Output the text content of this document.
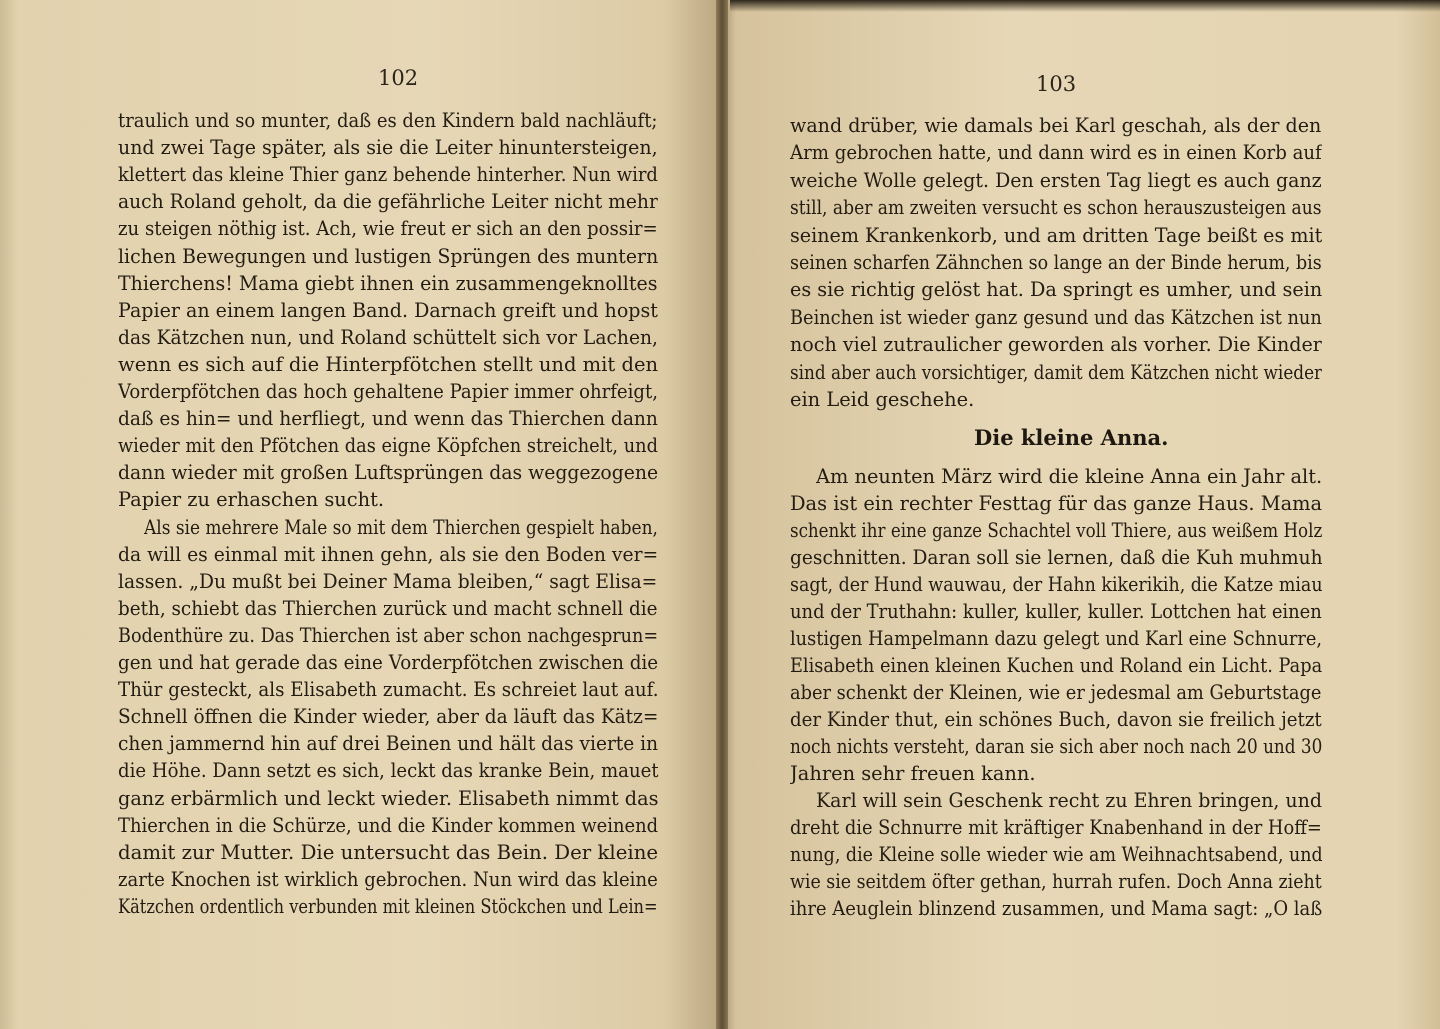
102
traulich und so munter, daß es den Kindern bald nachläuft;
und zwei Tage später, als sie die Leiter hinuntersteigen,
klettert das kleine Thier ganz behende hinterher. Nun wird
auch Roland geholt, da die gefährliche Leiter nicht mehr
zu steigen nöthig ist. Ach, wie freut er sich an den possir=
lichen Bewegungen und lustigen Sprüngen des muntern
Thierchens! Mama giebt ihnen ein zusammengeknolltes
Papier an einem langen Band. Darnach greift und hopst
das Kätzchen nun, und Roland schüttelt sich vor Lachen,
wenn es sich auf die Hinterpfötchen stellt und mit den
Vorderpfötchen das hoch gehaltene Papier immer ohrfeigt,
daß es hin= und herfliegt, und wenn das Thierchen dann
wieder mit den Pfötchen das eigne Köpfchen streichelt, und
dann wieder mit großen Luftsprüngen das weggezogene
Papier zu erhaschen sucht.
Als sie mehrere Male so mit dem Thierchen gespielt haben,
da will es einmal mit ihnen gehn, als sie den Boden ver=
lassen. „Du mußt bei Deiner Mama bleiben,“ sagt Elisa=
beth, schiebt das Thierchen zurück und macht schnell die
Bodenthüre zu. Das Thierchen ist aber schon nachgesprun=
gen und hat gerade das eine Vorderpfötchen zwischen die
Thür gesteckt, als Elisabeth zumacht. Es schreiet laut auf.
Schnell öffnen die Kinder wieder, aber da läuft das Kätz=
chen jammernd hin auf drei Beinen und hält das vierte in
die Höhe. Dann setzt es sich, leckt das kranke Bein, mauet
ganz erbärmlich und leckt wieder. Elisabeth nimmt das
Thierchen in die Schürze, und die Kinder kommen weinend
damit zur Mutter. Die untersucht das Bein. Der kleine
zarte Knochen ist wirklich gebrochen. Nun wird das kleine
Kätzchen ordentlich verbunden mit kleinen Stöckchen und Lein=
103
wand drüber, wie damals bei Karl geschah, als der den
Arm gebrochen hatte, und dann wird es in einen Korb auf
weiche Wolle gelegt. Den ersten Tag liegt es auch ganz
still, aber am zweiten versucht es schon herauszusteigen aus
seinem Krankenkorb, und am dritten Tage beißt es mit
seinen scharfen Zähnchen so lange an der Binde herum, bis
es sie richtig gelöst hat. Da springt es umher, und sein
Beinchen ist wieder ganz gesund und das Kätzchen ist nun
noch viel zutraulicher geworden als vorher. Die Kinder
sind aber auch vorsichtiger, damit dem Kätzchen nicht wieder
ein Leid geschehe.
Die kleine Anna.
Am neunten März wird die kleine Anna ein Jahr alt.
Das ist ein rechter Festtag für das ganze Haus. Mama
schenkt ihr eine ganze Schachtel voll Thiere, aus weißem Holz
geschnitten. Daran soll sie lernen, daß die Kuh muhmuh
sagt, der Hund wauwau, der Hahn kikerikih, die Katze miau
und der Truthahn: kuller, kuller, kuller. Lottchen hat einen
lustigen Hampelmann dazu gelegt und Karl eine Schnurre,
Elisabeth einen kleinen Kuchen und Roland ein Licht. Papa
aber schenkt der Kleinen, wie er jedesmal am Geburtstage
der Kinder thut, ein schönes Buch, davon sie freilich jetzt
noch nichts versteht, daran sie sich aber noch nach 20 und 30
Jahren sehr freuen kann.
Karl will sein Geschenk recht zu Ehren bringen, und
dreht die Schnurre mit kräftiger Knabenhand in der Hoff=
nung, die Kleine solle wieder wie am Weihnachtsabend, und
wie sie seitdem öfter gethan, hurrah rufen. Doch Anna zieht
ihre Aeuglein blinzend zusammen, und Mama sagt: „O laß
